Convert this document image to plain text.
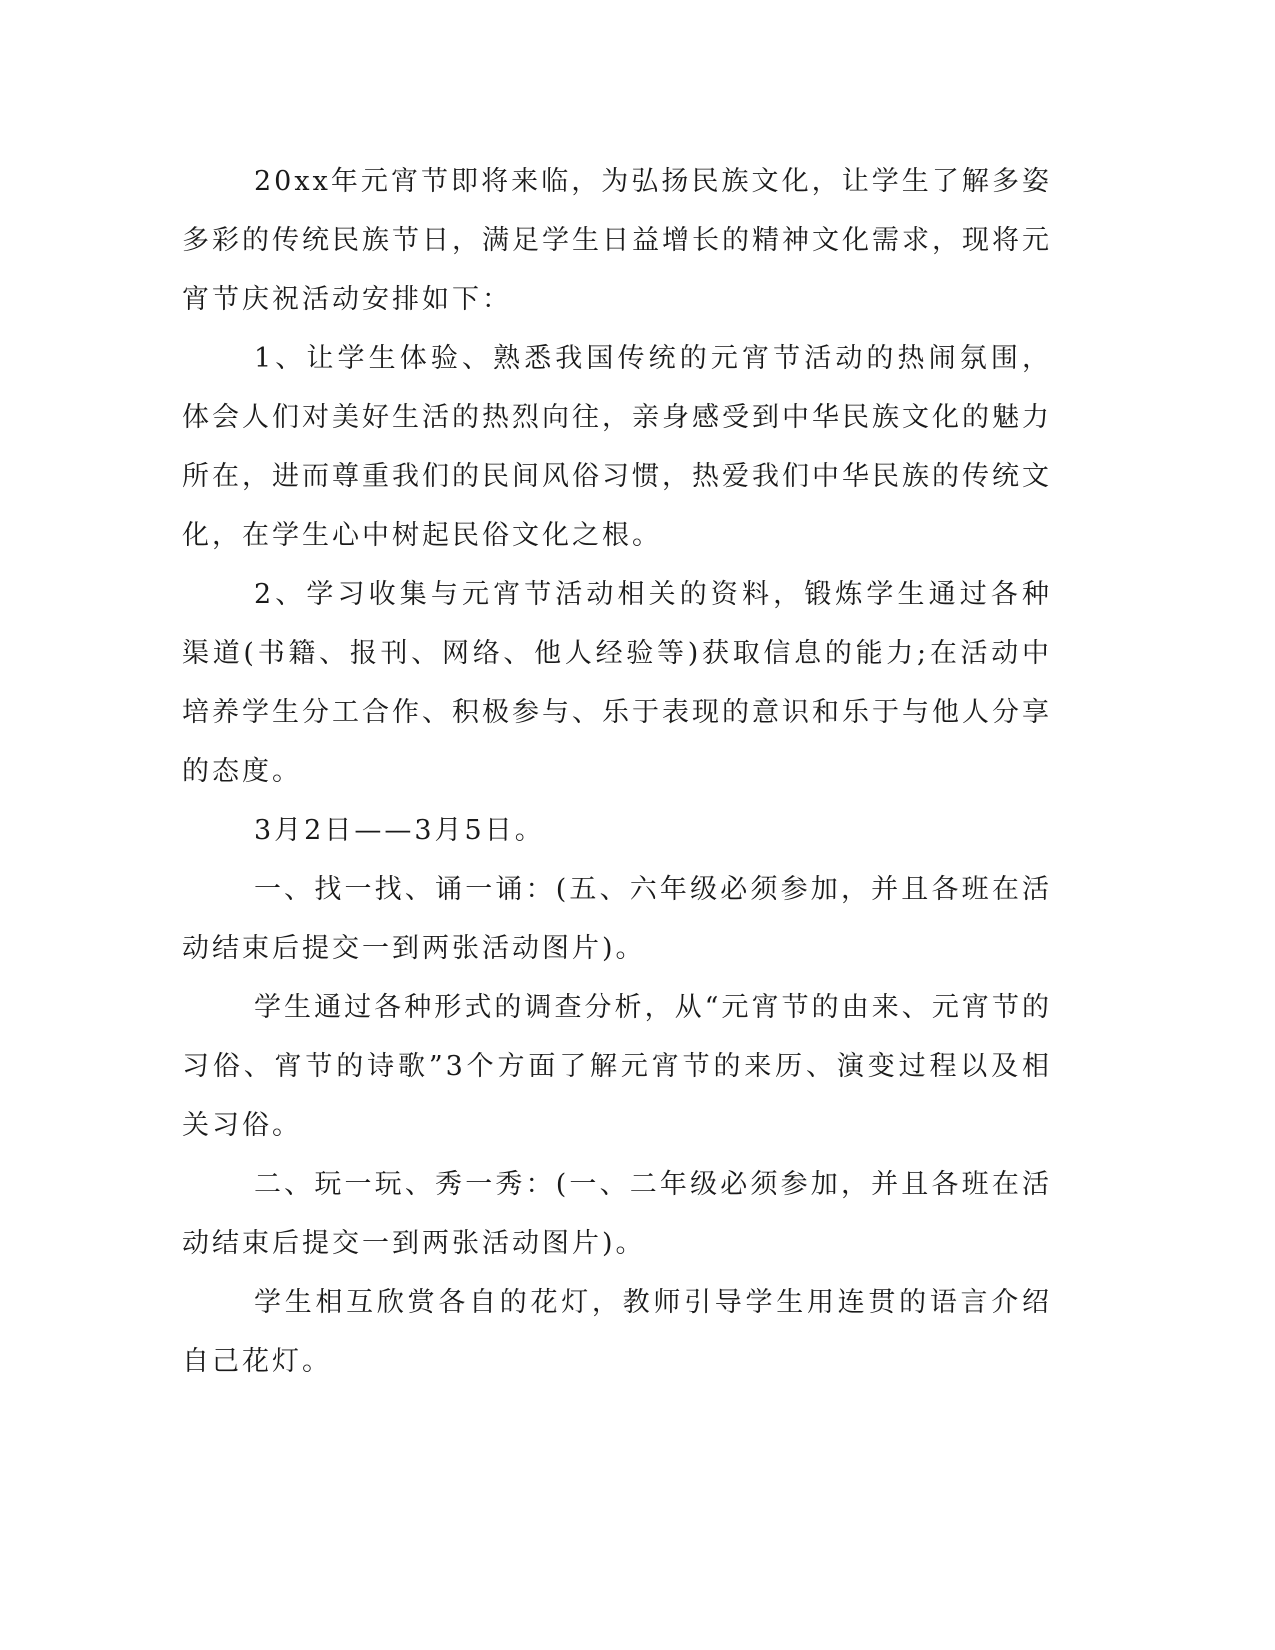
20xx年元宵节即将来临，为弘扬民族文化，让学生了解多姿多彩的传统民族节日，满足学生日益增长的精神文化需求，现将元宵节庆祝活动安排如下：

1、让学生体验、熟悉我国传统的元宵节活动的热闹氛围，体会人们对美好生活的热烈向往，亲身感受到中华民族文化的魅力所在，进而尊重我们的民间风俗习惯，热爱我们中华民族的传统文化，在学生心中树起民俗文化之根。

2、学习收集与元宵节活动相关的资料，锻炼学生通过各种渠道(书籍、报刊、网络、他人经验等)获取信息的能力;在活动中培养学生分工合作、积极参与、乐于表现的意识和乐于与他人分享的态度。

3月2日——3月5日。

一、找一找、诵一诵：(五、六年级必须参加，并且各班在活动结束后提交一到两张活动图片)。

学生通过各种形式的调查分析，从“元宵节的由来、元宵节的习俗、宵节的诗歌”3个方面了解元宵节的来历、演变过程以及相关习俗。

二、玩一玩、秀一秀：(一、二年级必须参加，并且各班在活动结束后提交一到两张活动图片)。

学生相互欣赏各自的花灯，教师引导学生用连贯的语言介绍自己花灯。
